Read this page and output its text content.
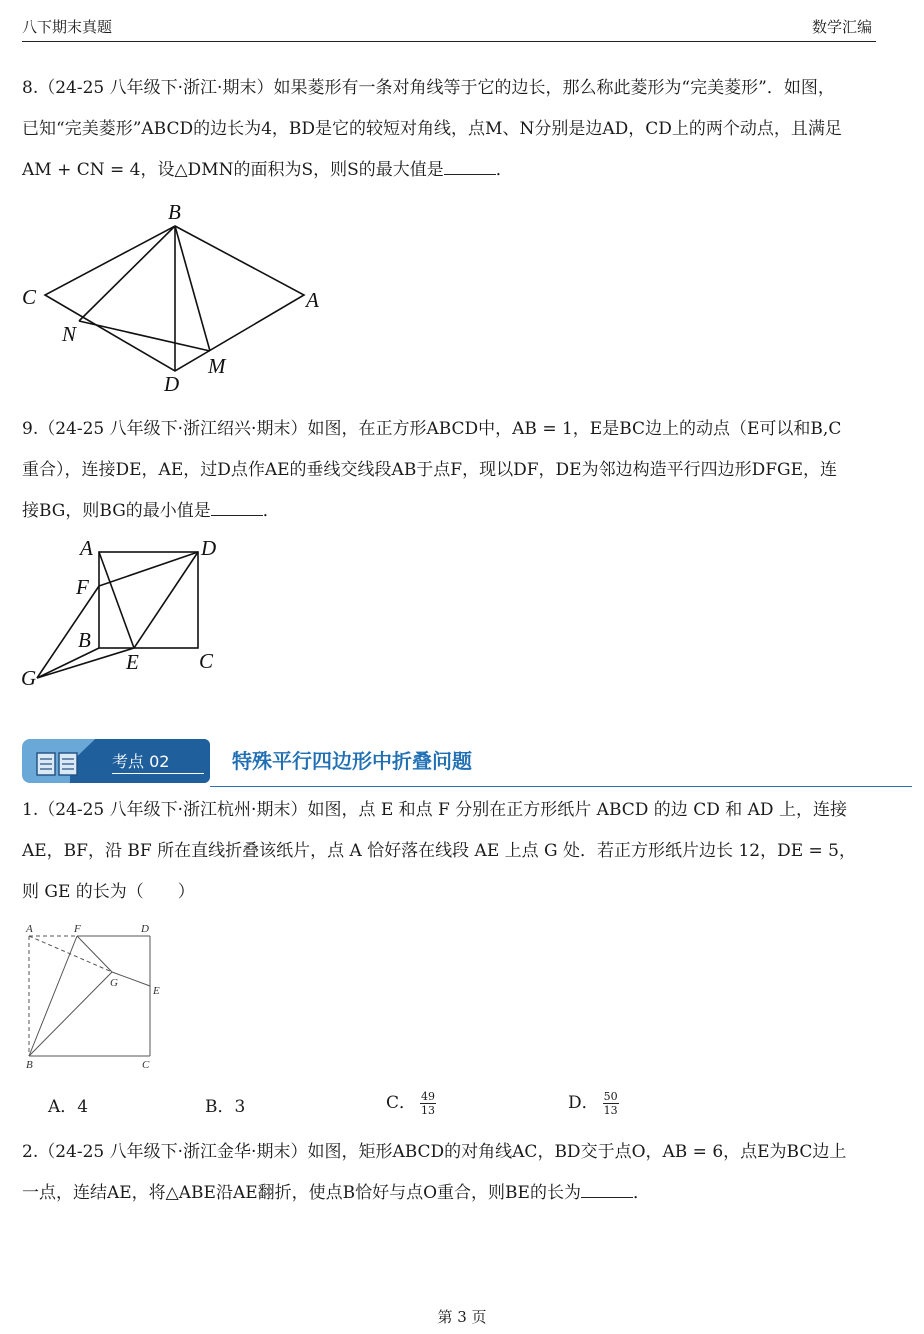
八下期末真题	数学汇编
8.（24-25 八年级下·浙江·期末）如果菱形有一条对角线等于它的边长，那么称此菱形为“完美菱形”．如图，
已知“完美菱形”ABCD的边长为4，BD是它的较短对角线，点M、N分别是边AD，CD上的两个动点，且满足
AM + CN = 4，设△DMN的面积为S，则S的最大值是	．
B
C	A
N
M
D
9.（24-25 八年级下·浙江绍兴·期末）如图，在正方形ABCD中，AB = 1，E是BC边上的动点（E可以和B,C
重合），连接DE，AE，过D点作AE的垂线交线段AB于点F，现以DF，DE为邻边构造平行四边形DFGE，连
接BG，则BG的最小值是	．
A	D
F
B
E	C
G
考点 02	特殊平行四边形中折叠问题
1.（24-25 八年级下·浙江杭州·期末）如图，点 E 和点 F 分别在正方形纸片 ABCD 的边 CD 和 AD 上，连接
AE，BF，沿 BF 所在直线折叠该纸片，点 A 恰好落在线段 AE 上点 G 处．若正方形纸片边长 12，DE = 5，
则 GE 的长为（　　）
A	F	D
G
E
B	C
A．4	B．3	C． $\frac{49}{13}$	D． $\frac{50}{13}$
2.（24-25 八年级下·浙江金华·期末）如图，矩形ABCD的对角线AC，BD交于点O，AB = 6，点E为BC边上
一点，连结AE，将△ABE沿AE翻折，使点B恰好与点O重合，则BE的长为	．
第 3 页
